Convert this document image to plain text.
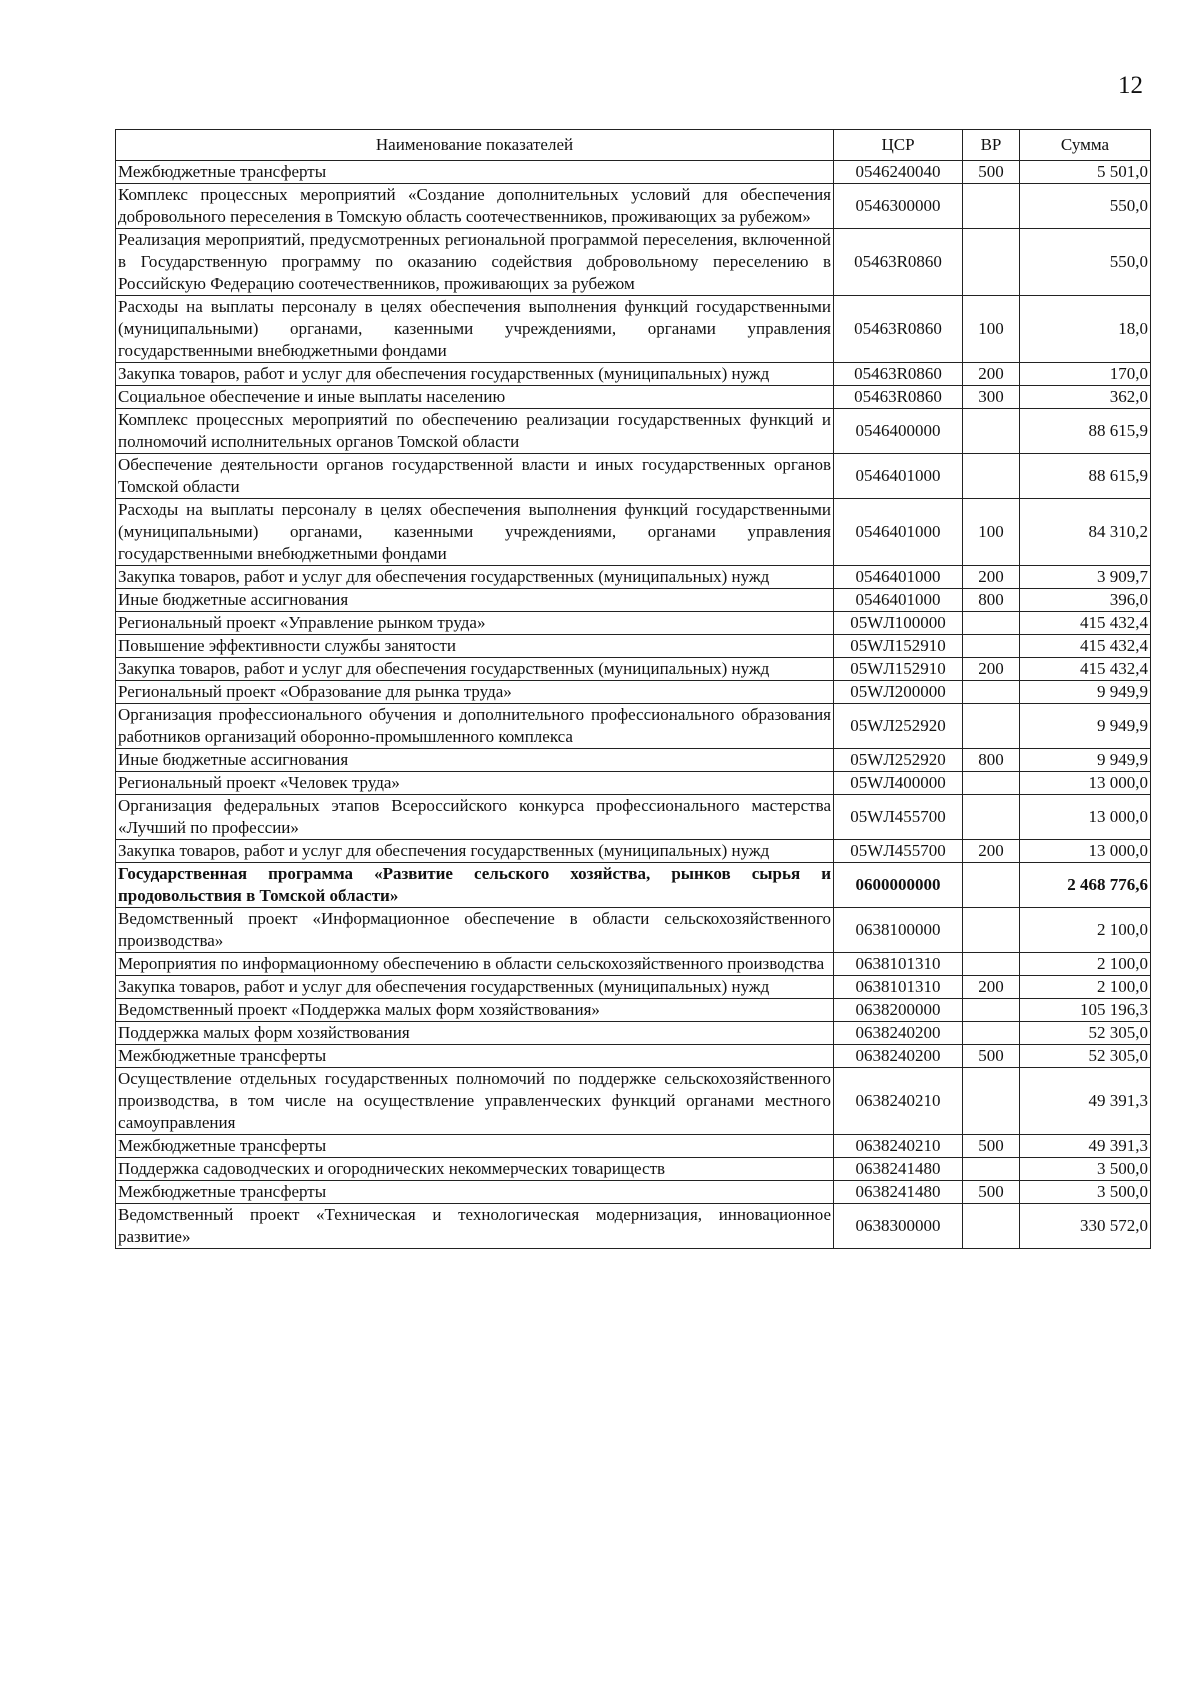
12
Наименование показателей	ЦСР	ВР	Сумма
Межбюджетные трансферты	0546240040	500	5 501,0
Комплекс процессных мероприятий «Создание дополнительных условий для обеспечения добровольного переселения в Томскую область соотечественников, проживающих за рубежом»	0546300000		550,0
Реализация мероприятий, предусмотренных региональной программой переселения, включенной в Государственную программу по оказанию содействия добровольному переселению в Российскую Федерацию соотечественников, проживающих за рубежом	05463R0860		550,0
Расходы на выплаты персоналу в целях обеспечения выполнения функций государственными (муниципальными) органами, казенными учреждениями, органами управления государственными внебюджетными фондами	05463R0860	100	18,0
Закупка товаров, работ и услуг для обеспечения государственных (муниципальных) нужд	05463R0860	200	170,0
Социальное обеспечение и иные выплаты населению	05463R0860	300	362,0
Комплекс процессных мероприятий по обеспечению реализации государственных функций и полномочий исполнительных органов Томской области	0546400000		88 615,9
Обеспечение деятельности органов государственной власти и иных государственных органов Томской области	0546401000		88 615,9
Расходы на выплаты персоналу в целях обеспечения выполнения функций государственными (муниципальными) органами, казенными учреждениями, органами управления государственными внебюджетными фондами	0546401000	100	84 310,2
Закупка товаров, работ и услуг для обеспечения государственных (муниципальных) нужд	0546401000	200	3 909,7
Иные бюджетные ассигнования	0546401000	800	396,0
Региональный проект «Управление рынком труда»	05WЛ100000		415 432,4
Повышение эффективности службы занятости	05WЛ152910		415 432,4
Закупка товаров, работ и услуг для обеспечения государственных (муниципальных) нужд	05WЛ152910	200	415 432,4
Региональный проект «Образование для рынка труда»	05WЛ200000		9 949,9
Организация профессионального обучения и дополнительного профессионального образования работников организаций оборонно-промышленного комплекса	05WЛ252920		9 949,9
Иные бюджетные ассигнования	05WЛ252920	800	9 949,9
Региональный проект «Человек труда»	05WЛ400000		13 000,0
Организация федеральных этапов Всероссийского конкурса профессионального мастерства «Лучший по профессии»	05WЛ455700		13 000,0
Закупка товаров, работ и услуг для обеспечения государственных (муниципальных) нужд	05WЛ455700	200	13 000,0
Государственная программа «Развитие сельского хозяйства, рынков сырья и продовольствия в Томской области»	0600000000		2 468 776,6
Ведомственный проект «Информационное обеспечение в области сельскохозяйственного производства»	0638100000		2 100,0
Мероприятия по информационному обеспечению в области сельскохозяйственного производства	0638101310		2 100,0
Закупка товаров, работ и услуг для обеспечения государственных (муниципальных) нужд	0638101310	200	2 100,0
Ведомственный проект «Поддержка малых форм хозяйствования»	0638200000		105 196,3
Поддержка малых форм хозяйствования	0638240200		52 305,0
Межбюджетные трансферты	0638240200	500	52 305,0
Осуществление отдельных государственных полномочий по поддержке сельскохозяйственного производства, в том числе на осуществление управленческих функций органами местного самоуправления	0638240210		49 391,3
Межбюджетные трансферты	0638240210	500	49 391,3
Поддержка садоводческих и огороднических некоммерческих товариществ	0638241480		3 500,0
Межбюджетные трансферты	0638241480	500	3 500,0
Ведомственный проект «Техническая и технологическая модернизация, инновационное развитие»	0638300000		330 572,0
